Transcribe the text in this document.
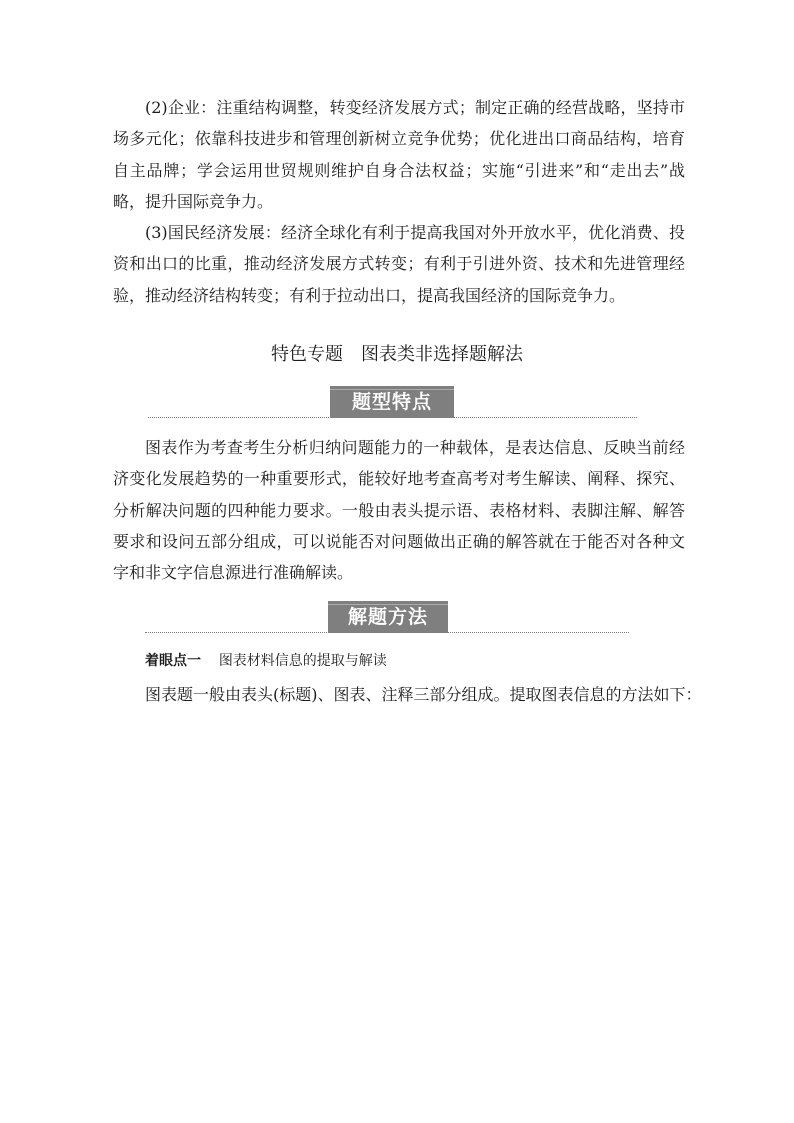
(2)企业：注重结构调整，转变经济发展方式；制定正确的经营战略，坚持市场多元化；依靠科技进步和管理创新树立竞争优势；优化进出口商品结构，培育自主品牌；学会运用世贸规则维护自身合法权益；实施“引进来”和“走出去”战略，提升国际竞争力。

(3)国民经济发展：经济全球化有利于提高我国对外开放水平，优化消费、投资和出口的比重，推动经济发展方式转变；有利于引进外资、技术和先进管理经验，推动经济结构转变；有利于拉动出口，提高我国经济的国际竞争力。

特色专题　图表类非选择题解法
题型特点

图表作为考查考生分析归纳问题能力的一种载体，是表达信息、反映当前经济变化发展趋势的一种重要形式，能较好地考查高考对考生解读、阐释、探究、分析解决问题的四种能力要求。一般由表头提示语、表格材料、表脚注解、解答要求和设问五部分组成，可以说能否对问题做出正确的解答就在于能否对各种文字和非文字信息源进行准确解读。

解题方法
着眼点一 图表材料信息的提取与解读
图表题一般由表头(标题)、图表、注释三部分组成。提取图表信息的方法如下：
